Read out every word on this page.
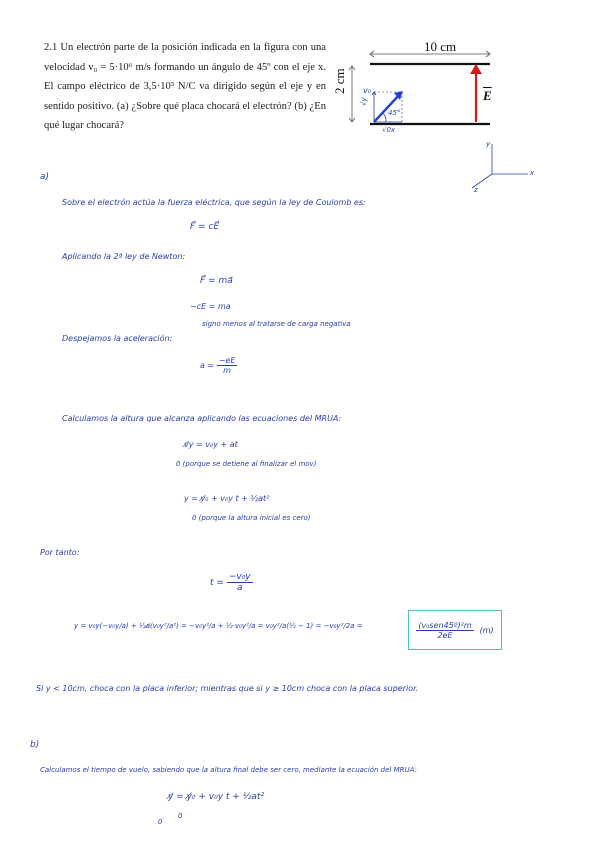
2.1 Un electrón parte de la posición indicada en la figura con una velocidad v₀ = 5·10⁶ m/s formando un ángulo de 45º con el eje x. El campo eléctrico de 3,5·10³ N/C va dirigido según el eje y en sentido positivo. (a) ¿Sobre qué placa chocará el electrón? (b) ¿En qué lugar chocará?
10 cm
2 cm
$\overline{E}$
v₀
√y
√0x
45°
y
x
z
a)
Sobre el electrón actúa la fuerza eléctrica, que según la ley de Coulomb es:
F⃗ = cE⃗
Aplicando la 2ª ley de Newton:
F⃗ = ma⃗
−cE = ma
signo menos al tratarse de carga negativa
Despejamos la aceleración:
$a = \frac{-eE}{m}$
Calculamos la altura que alcanza aplicando las ecuaciones del MRUA:
v̸y = v₀y + at
0 (porque se detiene al finalizar el mov)
y = y̸₀ + v₀y t + ½at²
0 (porque la altura inicial es cero)
Por tanto:
$t = \frac{\text{−v₀y}}{a}$
y = v₀y(−v₀y/a) + ½a̸(v₀y²/a²) = −v₀y²/a + ½·v₀y²/a = v₀y²/a(½ − 1) = −v₀y²/2a =	$\frac{\text{(v₀sen45º)²m}}{2eE} (m)$
Si y < 10cm, choca con la placa inferior; mientras que si y ≥ 10cm choca con la placa superior.
b)
Calculamos el tiempo de vuelo, sabiendo que la altura final debe ser cero, mediante la ecuación del MRUA:
y̸ = y̸₀ + v₀y t + ½at²
0
0
